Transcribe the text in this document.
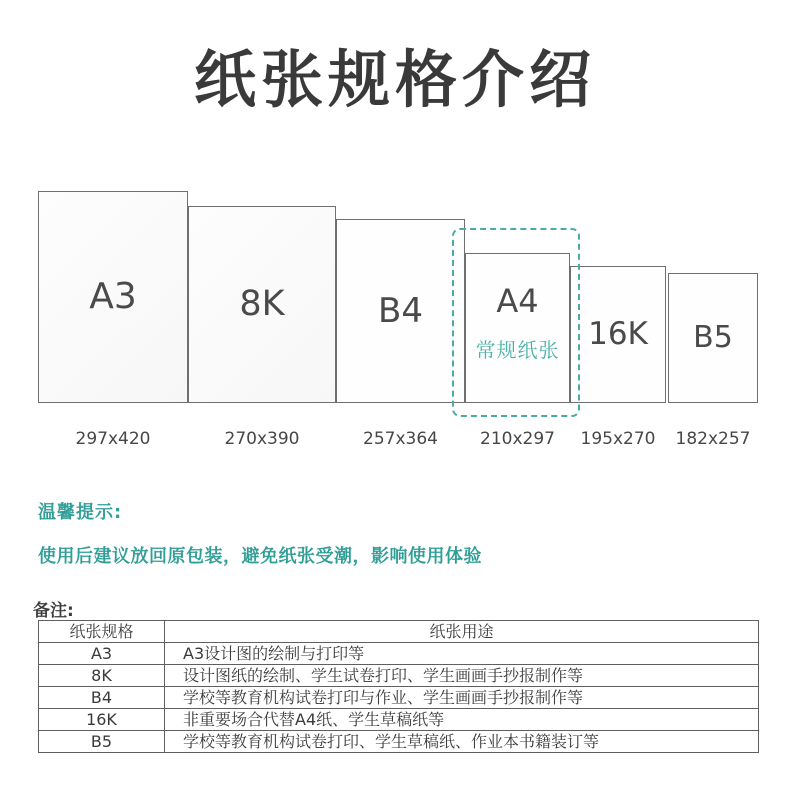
纸张规格介绍
A3	8K	B4 A4
常规纸张 16K B5
297x420	270x390	257x364	210x297	195x270	182x257
温馨提示:
使用后建议放回原包装，避免纸张受潮，影响使用体验
备注:
纸张规格	纸张用途
A3	A3设计图的绘制与打印等
8K	设计图纸的绘制、学生试卷打印、学生画画手抄报制作等
B4	学校等教育机构试卷打印与作业、学生画画手抄报制作等
16K	非重要场合代替A4纸、学生草稿纸等
B5	学校等教育机构试卷打印、学生草稿纸、作业本书籍装订等
